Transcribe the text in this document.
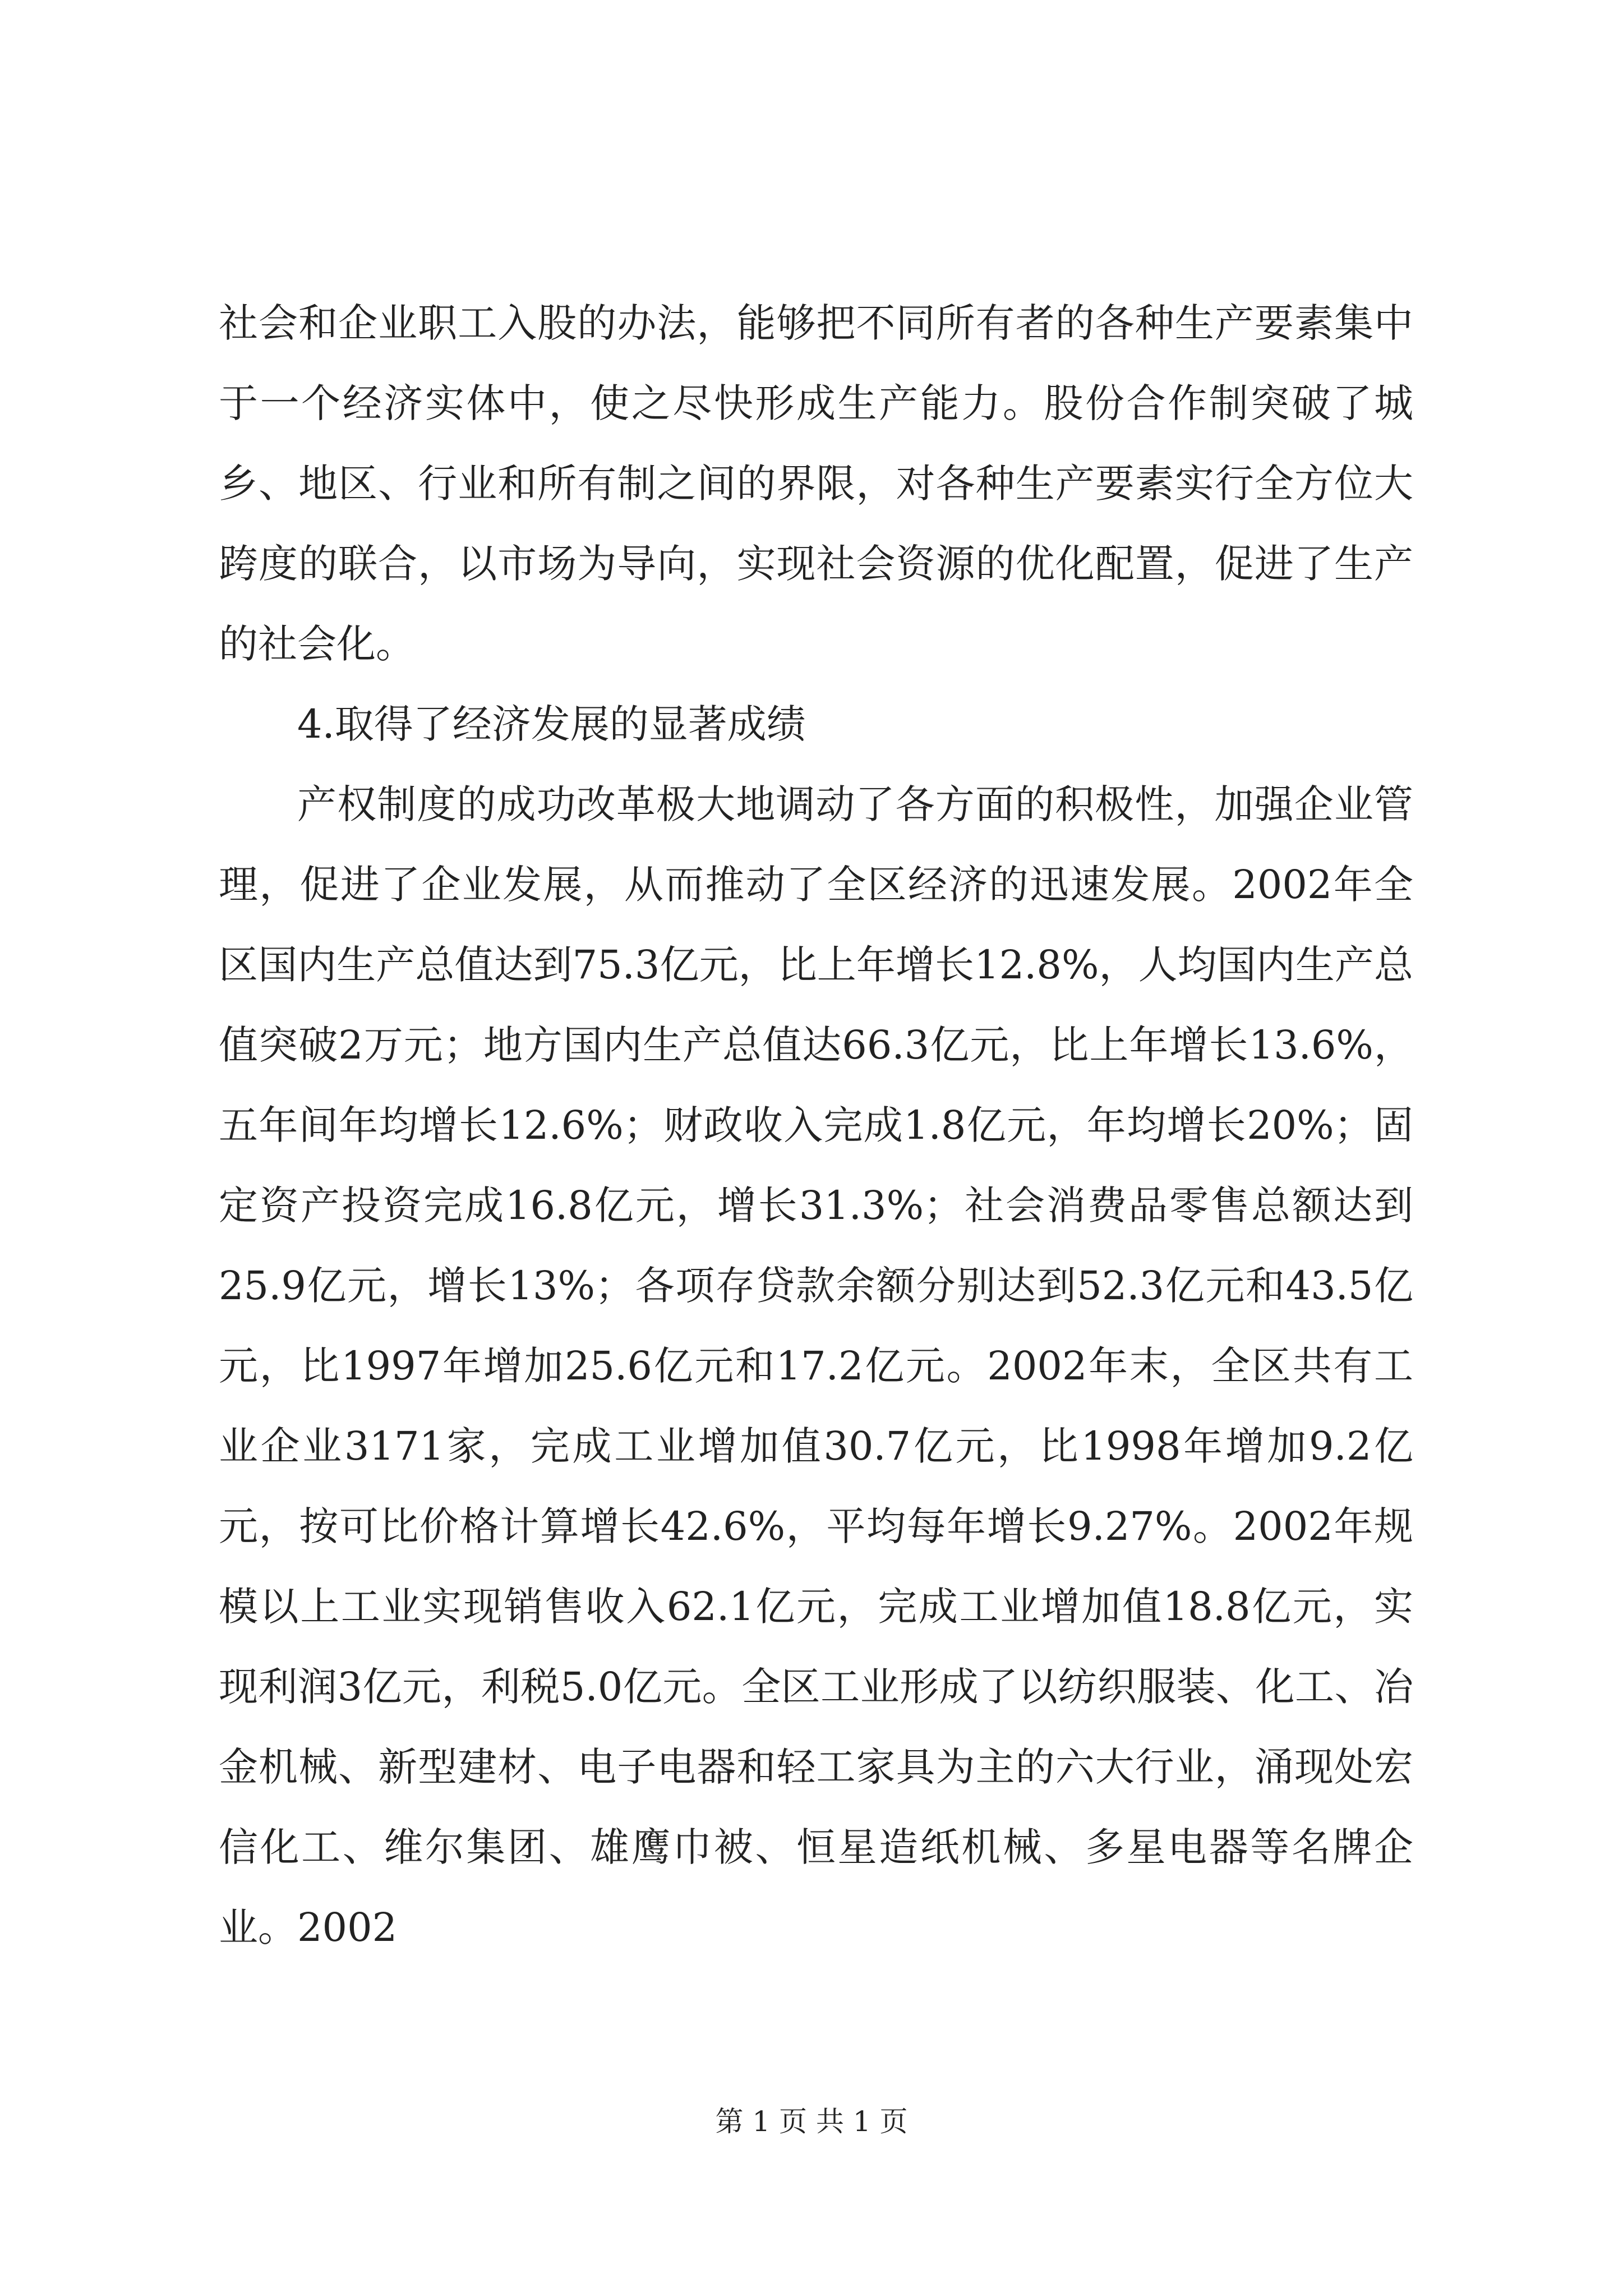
社会和企业职工入股的办法，能够把不同所有者的各种生产要素集中于一个经济实体中，使之尽快形成生产能力。股份合作制突破了城乡、地区、行业和所有制之间的界限，对各种生产要素实行全方位大跨度的联合，以市场为导向，实现社会资源的优化配置，促进了生产的社会化。

4.取得了经济发展的显著成绩

产权制度的成功改革极大地调动了各方面的积极性，加强企业管理，促进了企业发展，从而推动了全区经济的迅速发展。2002年全区国内生产总值达到75.3亿元，比上年增长12.8%，人均国内生产总值突破2万元；地方国内生产总值达66.3亿元，比上年增长13.6%，五年间年均增长12.6%；财政收入完成1.8亿元，年均增长20%；固定资产投资完成16.8亿元，增长31.3%；社会消费品零售总额达到25.9亿元，增长13%；各项存贷款余额分别达到52.3亿元和43.5亿元，比1997年增加25.6亿元和17.2亿元。2002年末，全区共有工业企业3171家，完成工业增加值30.7亿元，比1998年增加9.2亿元，按可比价格计算增长42.6%，平均每年增长9.27%。2002年规模以上工业实现销售收入62.1亿元，完成工业增加值18.8亿元，实现利润3亿元，利税5.0亿元。全区工业形成了以纺织服装、化工、冶金机械、新型建材、电子电器和轻工家具为主的六大行业，涌现处宏信化工、维尔集团、雄鹰巾被、恒星造纸机械、多星电器等名牌企业。2002

第 1 页 共 1 页
